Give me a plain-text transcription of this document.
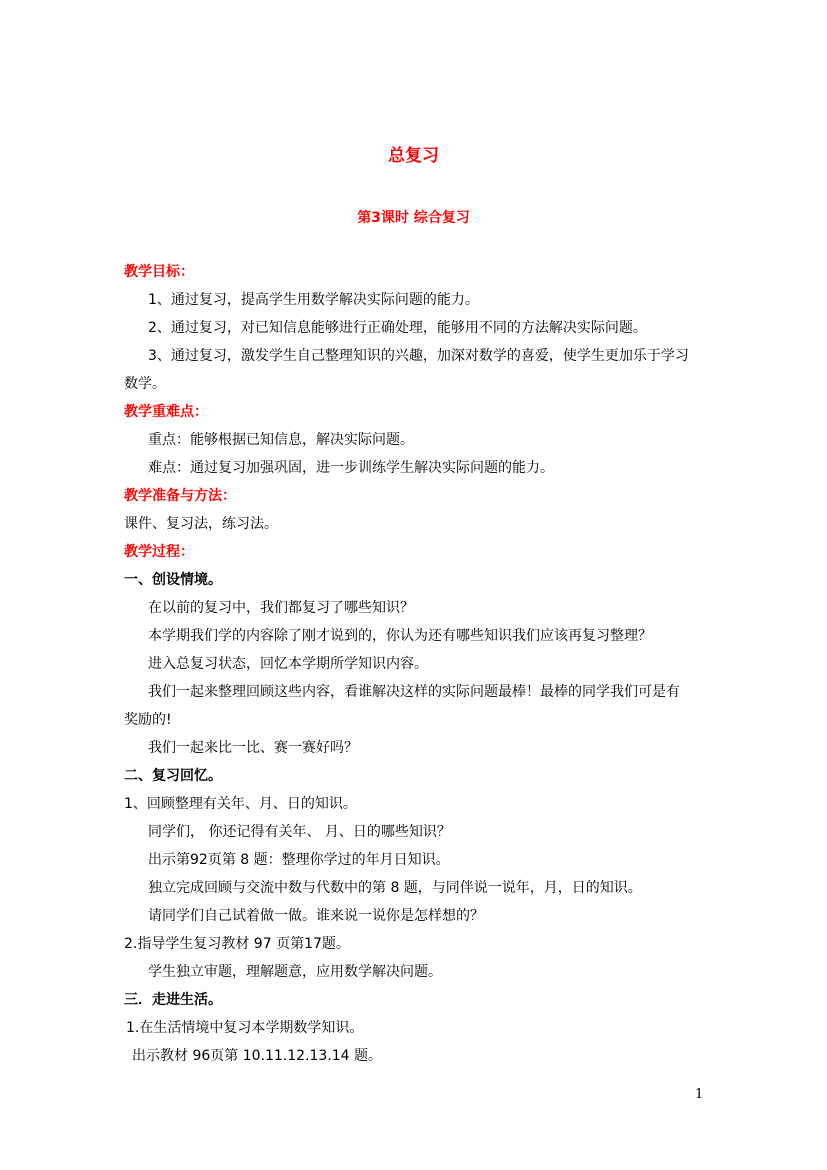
总复习
第3课时 综合复习
教学目标：
1、通过复习，提高学生用数学解决实际问题的能力。
2、通过复习，对已知信息能够进行正确处理，能够用不同的方法解决实际问题。
3、通过复习，激发学生自己整理知识的兴趣，加深对数学的喜爱，使学生更加乐于学习
数学。
教学重难点：
重点：能够根据已知信息，解决实际问题。
难点：通过复习加强巩固，进一步训练学生解决实际问题的能力。
教学准备与方法：
课件、复习法，练习法。
教学过程：
一、创设情境。
在以前的复习中，我们都复习了哪些知识？
本学期我们学的内容除了刚才说到的，你认为还有哪些知识我们应该再复习整理？
进入总复习状态，回忆本学期所学知识内容。
我们一起来整理回顾这些内容，看谁解决这样的实际问题最棒！最棒的同学我们可是有
奖励的!
我们一起来比一比、赛一赛好吗？
二、复习回忆。
1、回顾整理有关年、月、日的知识。
同学们， 你还记得有关年、 月、日的哪些知识？
出示第92页第 8 题：整理你学过的年月日知识。
独立完成回顾与交流中数与代数中的第 8 题，与同伴说一说年，月，日的知识。
请同学们自己试着做一做。谁来说一说你是怎样想的？
2.指导学生复习教材 97 页第17题。
学生独立审题，理解题意，应用数学解决问题。
三．走进生活。
1.在生活情境中复习本学期数学知识。
出示教材 96页第 10.11.12.13.14 题。
1
